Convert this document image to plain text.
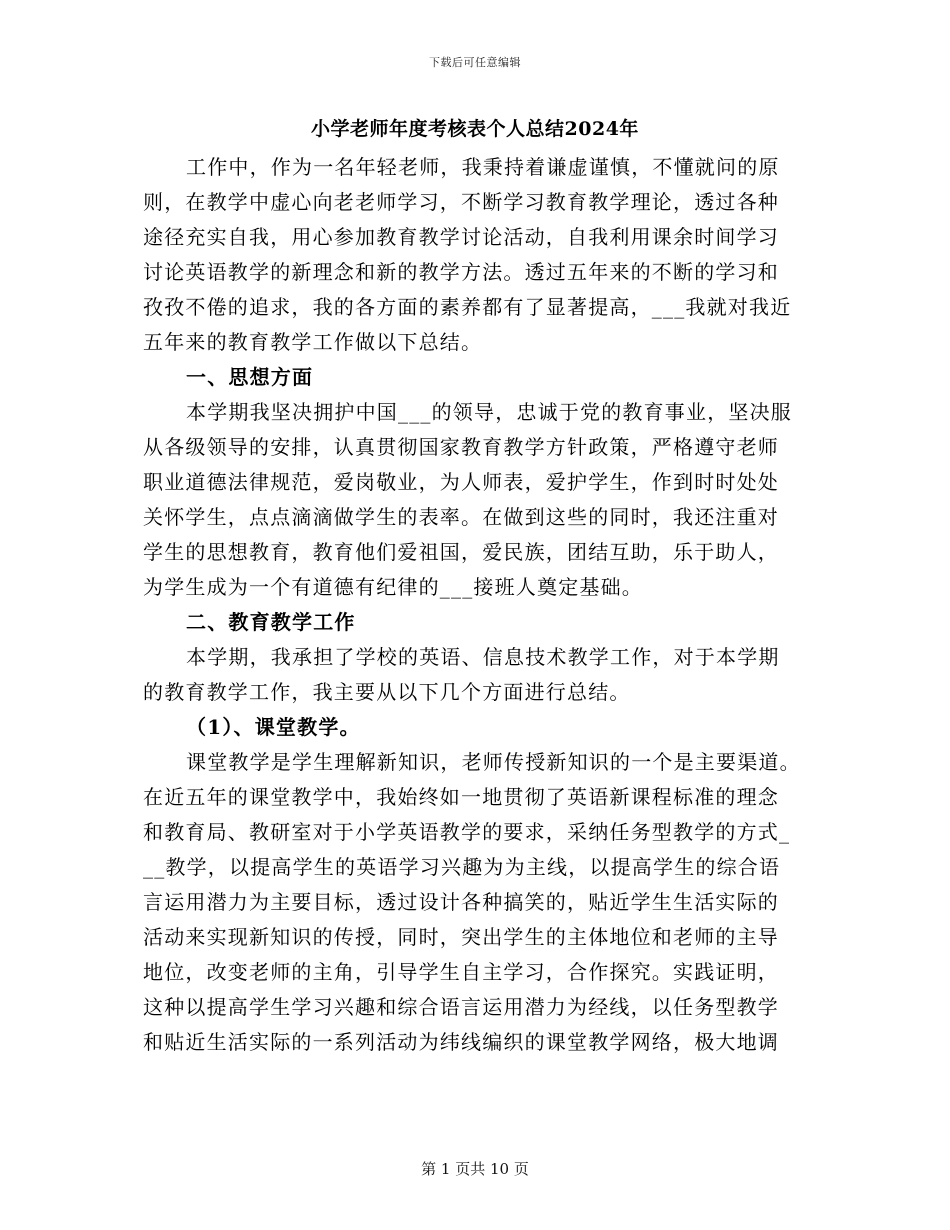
下载后可任意编辑
小学老师年度考核表个人总结2024年
工作中，作为一名年轻老师，我秉持着谦虚谨慎，不懂就问的原
则，在教学中虚心向老老师学习，不断学习教育教学理论，透过各种
途径充实自我，用心参加教育教学讨论活动，自我利用课余时间学习
讨论英语教学的新理念和新的教学方法。透过五年来的不断的学习和
孜孜不倦的追求，我的各方面的素养都有了显著提高，___我就对我近
五年来的教育教学工作做以下总结。
一、思想方面
本学期我坚决拥护中国___的领导，忠诚于党的教育事业，坚决服
从各级领导的安排，认真贯彻国家教育教学方针政策，严格遵守老师
职业道德法律规范，爱岗敬业，为人师表，爱护学生，作到时时处处
关怀学生，点点滴滴做学生的表率。在做到这些的同时，我还注重对
学生的思想教育，教育他们爱祖国，爱民族，团结互助，乐于助人，
为学生成为一个有道德有纪律的___接班人奠定基础。
二、教育教学工作
本学期，我承担了学校的英语、信息技术教学工作，对于本学期
的教育教学工作，我主要从以下几个方面进行总结。
（1）、课堂教学。
课堂教学是学生理解新知识，老师传授新知识的一个是主要渠道。
在近五年的课堂教学中，我始终如一地贯彻了英语新课程标准的理念
和教育局、教研室对于小学英语教学的要求，采纳任务型教学的方式_
__教学，以提高学生的英语学习兴趣为为主线，以提高学生的综合语
言运用潜力为主要目标，透过设计各种搞笑的，贴近学生生活实际的
活动来实现新知识的传授，同时，突出学生的主体地位和老师的主导
地位，改变老师的主角，引导学生自主学习，合作探究。实践证明，
这种以提高学生学习兴趣和综合语言运用潜力为经线，以任务型教学
和贴近生活实际的一系列活动为纬线编织的课堂教学网络，极大地调
第 1 页共 10 页
